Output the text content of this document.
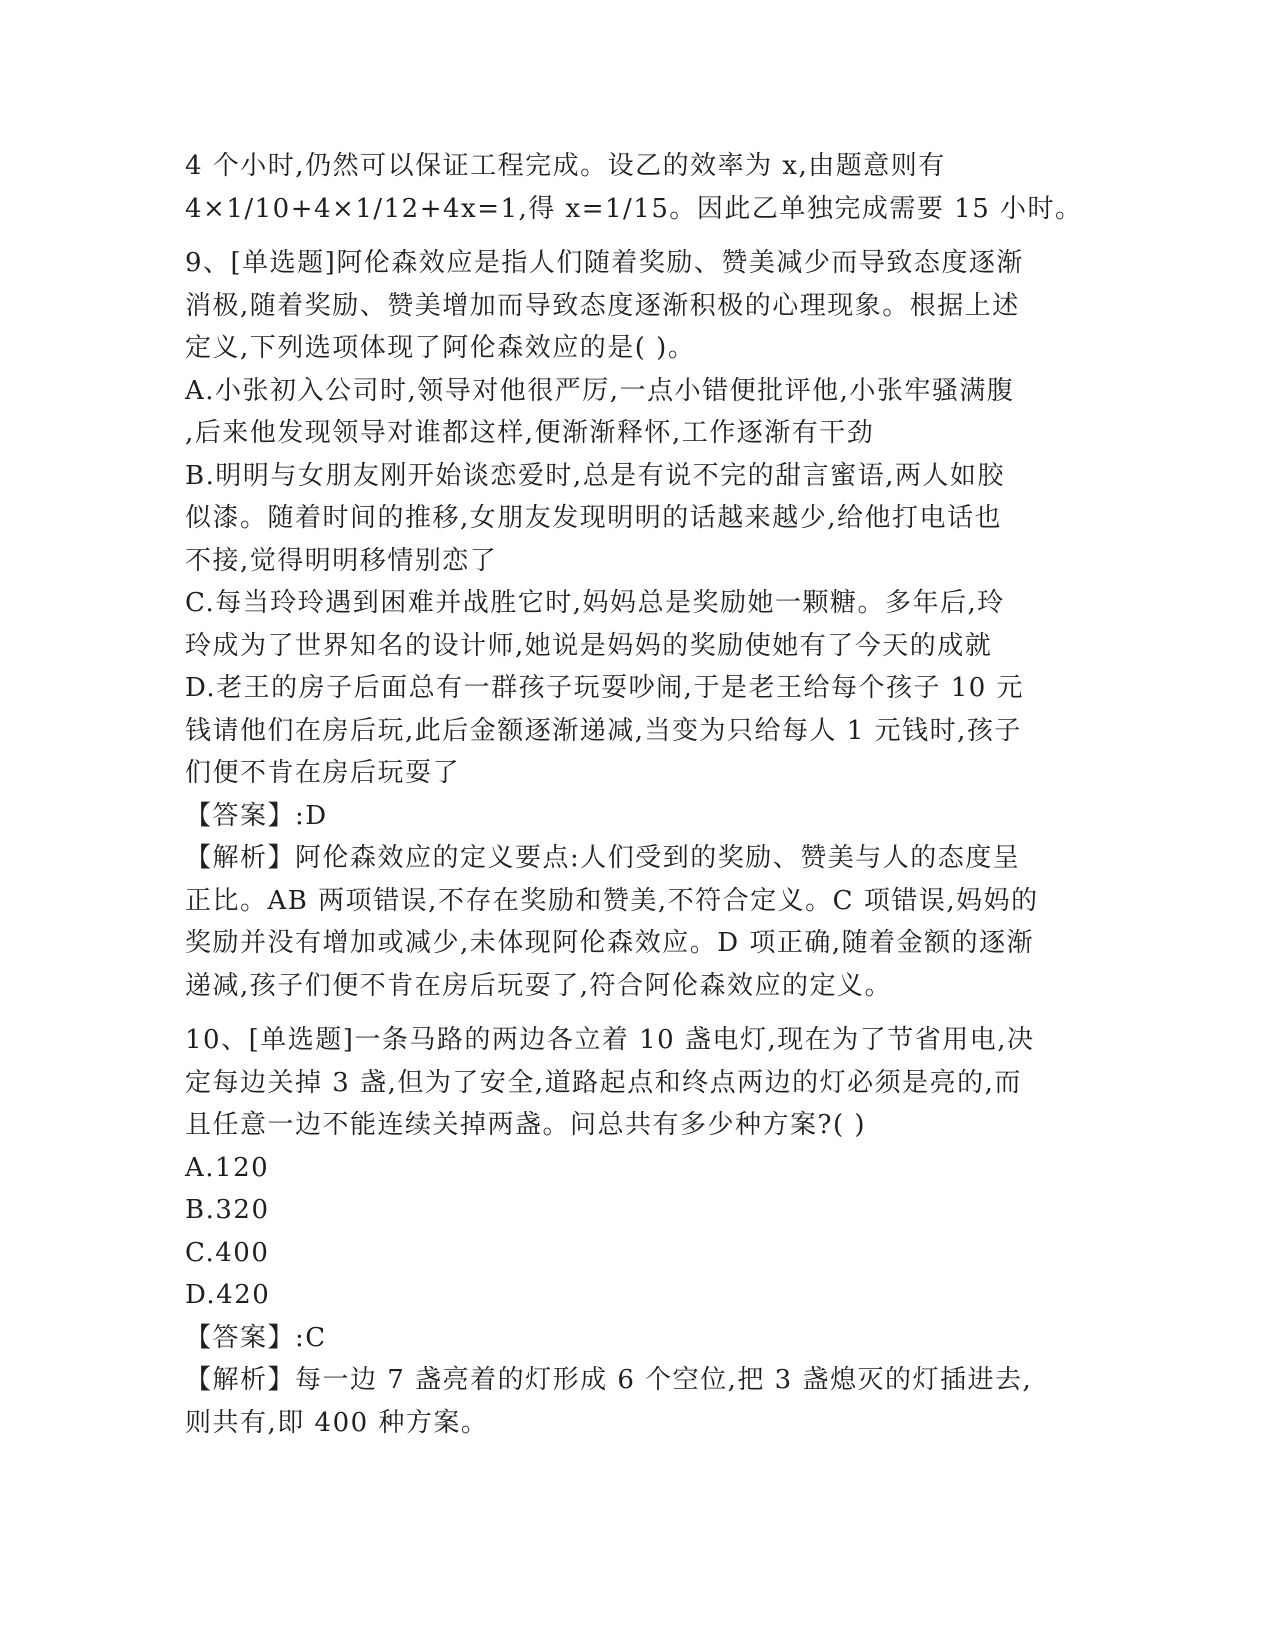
4 个小时,仍然可以保证工程完成。设乙的效率为 x,由题意则有
4×1/10+4×1/12+4x=1,得 x=1/15。因此乙单独完成需要 15 小时。
9、[单选题]阿伦森效应是指人们随着奖励、赞美减少而导致态度逐渐
消极,随着奖励、赞美增加而导致态度逐渐积极的心理现象。根据上述
定义,下列选项体现了阿伦森效应的是( )。
A.小张初入公司时,领导对他很严厉,一点小错便批评他,小张牢骚满腹
,后来他发现领导对谁都这样,便渐渐释怀,工作逐渐有干劲
B.明明与女朋友刚开始谈恋爱时,总是有说不完的甜言蜜语,两人如胶
似漆。随着时间的推移,女朋友发现明明的话越来越少,给他打电话也
不接,觉得明明移情别恋了
C.每当玲玲遇到困难并战胜它时,妈妈总是奖励她一颗糖。多年后,玲
玲成为了世界知名的设计师,她说是妈妈的奖励使她有了今天的成就
D.老王的房子后面总有一群孩子玩耍吵闹,于是老王给每个孩子 10 元
钱请他们在房后玩,此后金额逐渐递减,当变为只给每人 1 元钱时,孩子
们便不肯在房后玩耍了
【答案】:D
【解析】阿伦森效应的定义要点:人们受到的奖励、赞美与人的态度呈
正比。AB 两项错误,不存在奖励和赞美,不符合定义。C 项错误,妈妈的
奖励并没有增加或减少,未体现阿伦森效应。D 项正确,随着金额的逐渐
递减,孩子们便不肯在房后玩耍了,符合阿伦森效应的定义。
10、[单选题]一条马路的两边各立着 10 盏电灯,现在为了节省用电,决
定每边关掉 3 盏,但为了安全,道路起点和终点两边的灯必须是亮的,而
且任意一边不能连续关掉两盏。问总共有多少种方案?( )
A.120
B.320
C.400
D.420
【答案】:C
【解析】每一边 7 盏亮着的灯形成 6 个空位,把 3 盏熄灭的灯插进去,
则共有,即 400 种方案。
